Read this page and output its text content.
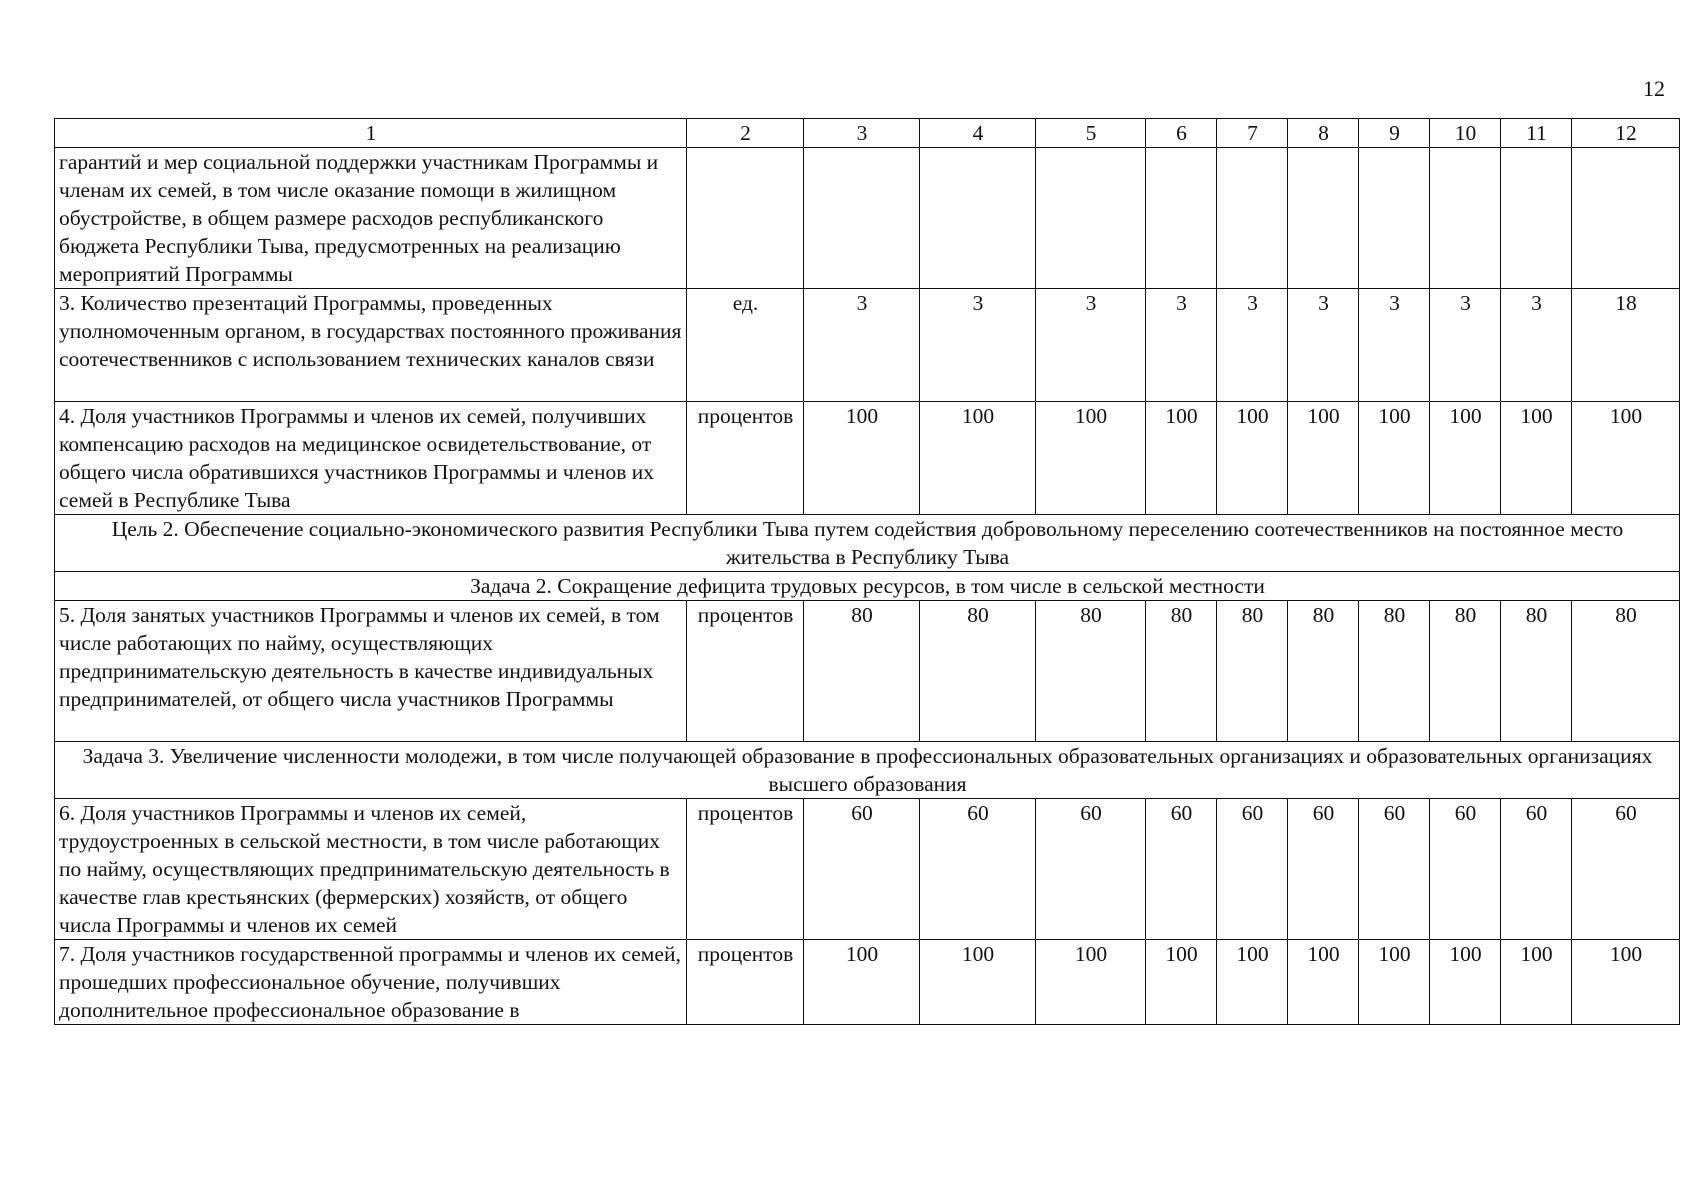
12
1	2	3	4	5	6	7	8	9	10	11	12
гарантий и мер социальной поддержки участникам Программы и членам их семей, в том числе оказание помощи в жилищном обустройстве, в общем размере расходов республиканского бюджета Республики Тыва, предусмотренных на реализацию мероприятий Программы											
3. Количество презентаций Программы, проведенных уполномоченным органом, в государствах постоянного проживания соотечественников с использованием технических каналов связи	ед.	3	3	3	3	3	3	3	3	3	18
4. Доля участников Программы и членов их семей, получивших компенсацию расходов на медицинское освидетельствование, от общего числа обратившихся участников Программы и членов их семей в Республике Тыва	процентов	100	100	100	100	100	100	100	100	100	100
Цель 2. Обеспечение социально-экономического развития Республики Тыва путем содействия добровольному переселению соотечественников на постоянное место жительства в Республику Тыва											
Задача 2. Сокращение дефицита трудовых ресурсов, в том числе в сельской местности											
5. Доля занятых участников Программы и членов их семей, в том числе работающих по найму, осуществляющих предпринимательскую деятельность в качестве индивидуальных предпринимателей, от общего числа участников Программы	процентов	80	80	80	80	80	80	80	80	80	80
Задача 3. Увеличение численности молодежи, в том числе получающей образование в профессиональных образовательных организациях и образовательных организациях высшего образования											
6. Доля участников Программы и членов их семей, трудоустроенных в сельской местности, в том числе работающих по найму, осуществляющих предпринимательскую деятельность в качестве глав крестьянских (фермерских) хозяйств, от общего числа Программы и членов их семей	процентов	60	60	60	60	60	60	60	60	60	60
7. Доля участников государственной программы и членов их семей, прошедших профессиональное обучение, получивших дополнительное профессиональное образование в	процентов	100	100	100	100	100	100	100	100	100	100
